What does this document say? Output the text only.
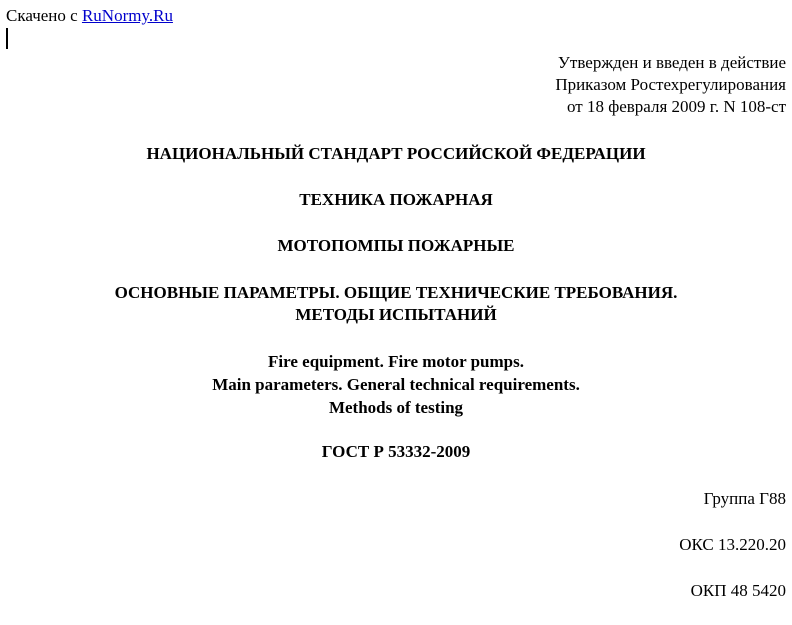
Скачено с RuNormy.Ru
Утвержден и введен в действие
Приказом Ростехрегулирования
от 18 февраля 2009 г. N 108-ст
НАЦИОНАЛЬНЫЙ СТАНДАРТ РОССИЙСКОЙ ФЕДЕРАЦИИ
ТЕХНИКА ПОЖАРНАЯ
МОТОПОМПЫ ПОЖАРНЫЕ
ОСНОВНЫЕ ПАРАМЕТРЫ. ОБЩИЕ ТЕХНИЧЕСКИЕ ТРЕБОВАНИЯ.
МЕТОДЫ ИСПЫТАНИЙ
Fire equipment. Fire motor pumps.
Main parameters. General technical requirements.
Methods of testing
ГОСТ Р 53332-2009
Группа Г88
ОКС 13.220.20
ОКП 48 5420
